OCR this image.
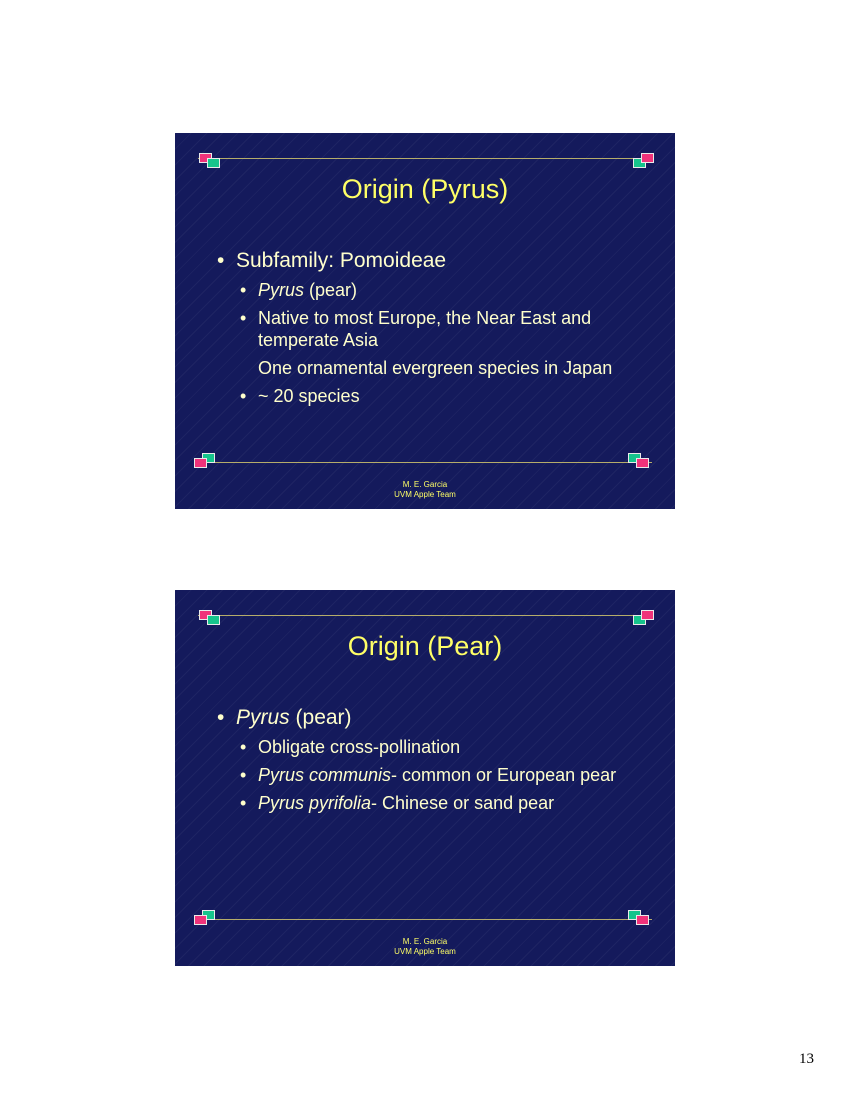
Origin (Pyrus)
• Subfamily: Pomoideae
• Pyrus (pear)
• Native to most Europe, the Near East and temperate Asia
One ornamental evergreen species in Japan
• ~ 20 species
M. E. Garcia
UVM Apple Team
Origin (Pear)
• Pyrus (pear)
• Obligate cross-pollination
• Pyrus communis- common or European pear
• Pyrus pyrifolia- Chinese or sand pear
M. E. Garcia
UVM Apple Team
13
